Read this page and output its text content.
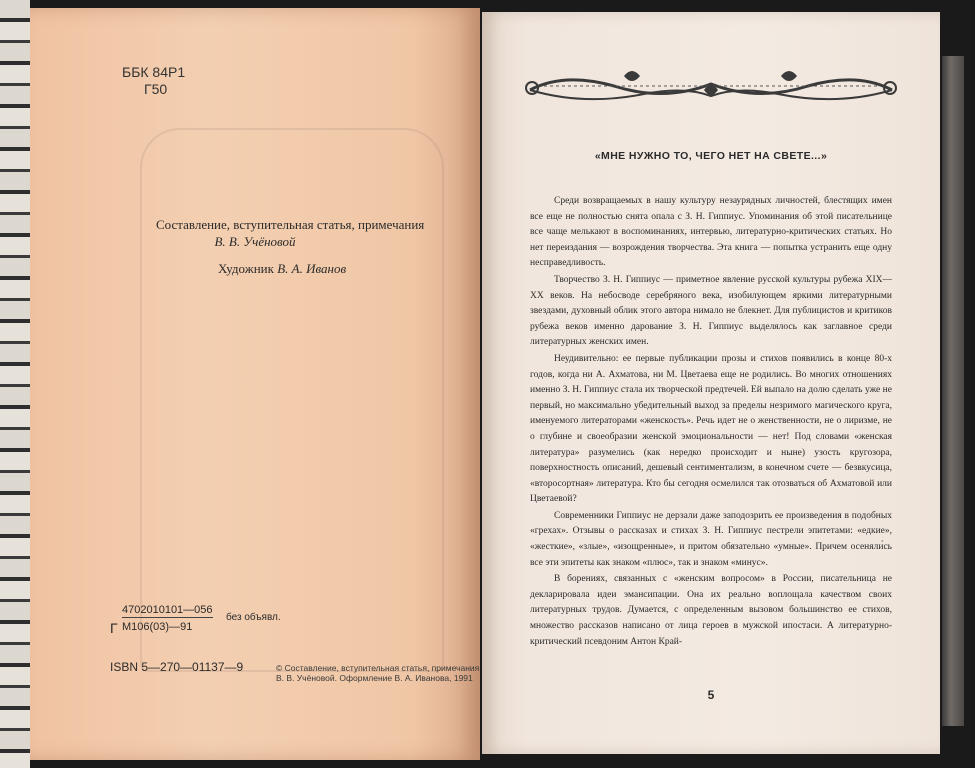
ББК 84Р1
Г50
Составление, вступительная статья, примечания
В. В. Учёновой
Художник В. А. Иванов
Г
4702010101—056
М106(03)—91
без объявл.
ISBN 5—270—01137—9	© Составление, вступительная статья, примечания
В. В. Учёновой. Оформление В. А. Иванова, 1991
«МНЕ НУЖНО ТО, ЧЕГО НЕТ НА СВЕТЕ...»

Среди возвращаемых в нашу культуру незаурядных личностей, блестящих имен все еще не полностью снята опала с З. Н. Гиппиус. Упоминания об этой писательнице все чаще мелькают в воспоминаниях, интервью, литературно-критических статьях. Но нет переиздания — возрождения творчества. Эта книга — попытка устранить еще одну несправедливость.

Творчество З. Н. Гиппиус — приметное явление русской культуры рубежа XIX—XX веков. На небосводе серебряного века, изобилующем яркими литературными звездами, духовный облик этого автора нимало не блекнет. Для публицистов и критиков рубежа веков именно дарование З. Н. Гиппиус выделялось как заглавное среди литературных женских имен.

Неудивительно: ее первые публикации прозы и стихов появились в конце 80-х годов, когда ни А. Ахматова, ни М. Цветаева еще не родились. Во многих отношениях именно З. Н. Гиппиус стала их творческой предтечей. Ей выпало на долю сделать уже не первый, но максимально убедительный выход за пределы незримого магического круга, именуемого литераторами «женскость». Речь идет не о женственности, не о лиризме, не о глубине и своеобразии женской эмоциональности — нет! Под словами «женская литература» разумелись (как нередко происходит и ныне) узость кругозора, поверхностность описаний, дешевый сентиментализм, в конечном счете — безвкусица, «второсортная» литература. Кто бы сегодня осмелился так отозваться об Ахматовой или Цветаевой?

Современники Гиппиус не дерзали даже заподозрить ее произведения в подобных «грехах». Отзывы о рассказах и стихах З. Н. Гиппиус пестрели эпитетами: «едкие», «жесткие», «злые», «изощренные», и притом обязательно «умные». Причем осеняли́сь все эти эпитеты как знаком «плюс», так и знаком «минус».

В борениях, связанных с «женским вопросом» в России, писательница не декларировала идеи эмансипации. Она их реально воплощала качеством своих литературных трудов. Думается, с определенным вызовом большинство ее стихов, множество рассказов написано от лица героев в мужской ипостаси. А литературно-критический псевдоним Антон Край-

5
